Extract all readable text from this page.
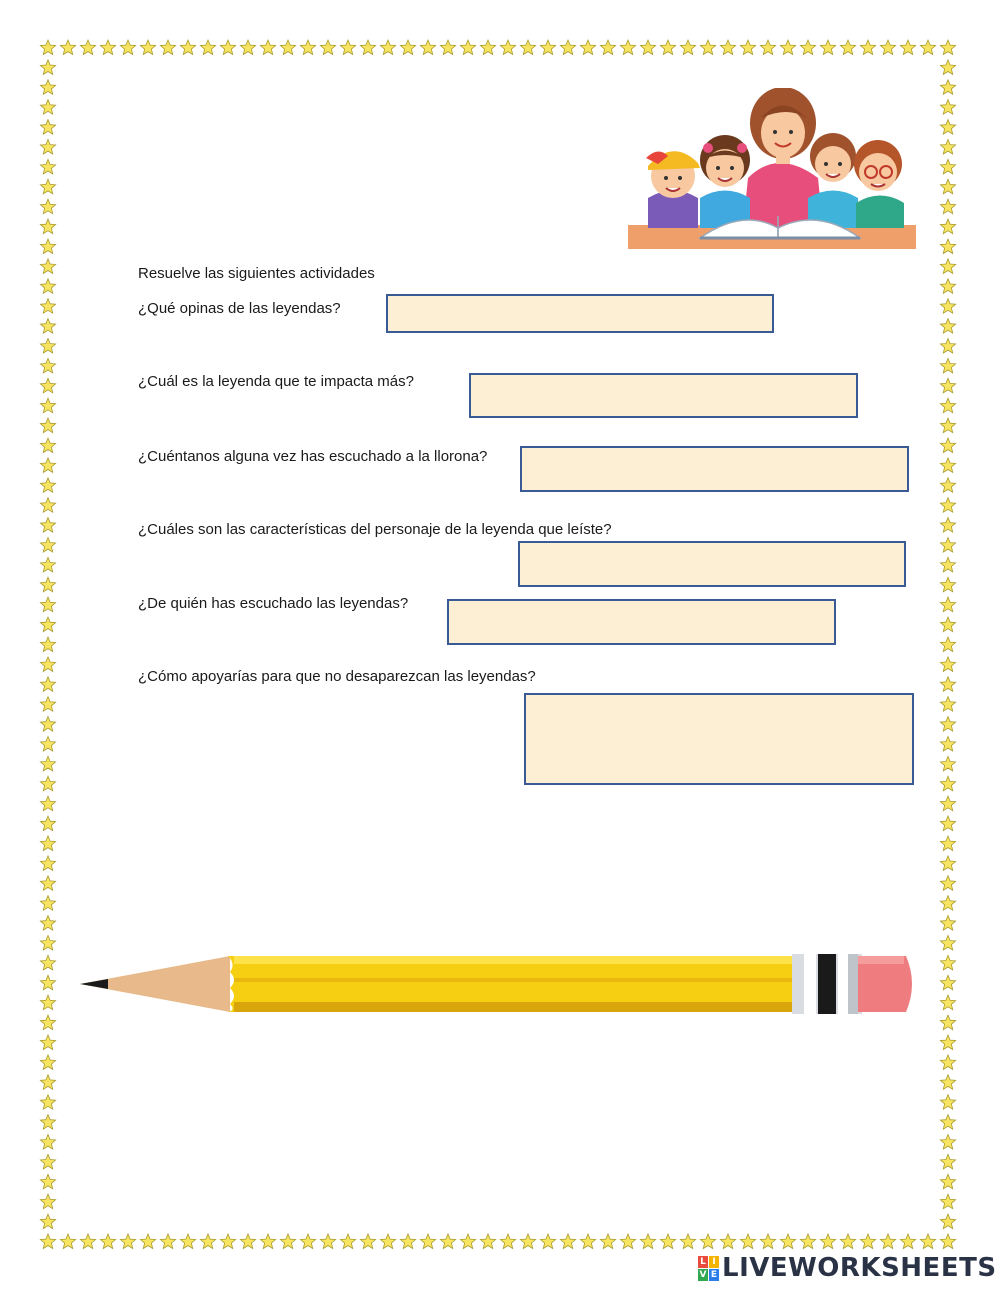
Resuelve las siguientes actividades
¿Qué opinas de las leyendas?
¿Cuál es la leyenda que te impacta más?
¿Cuéntanos alguna vez has escuchado a la llorona?
¿Cuáles son las características del personaje de la leyenda que leíste?
¿De quién has escuchado las leyendas?
¿Cómo apoyarías para que no desaparezcan las leyendas?
L I
V E LIVEWORKSHEETS
